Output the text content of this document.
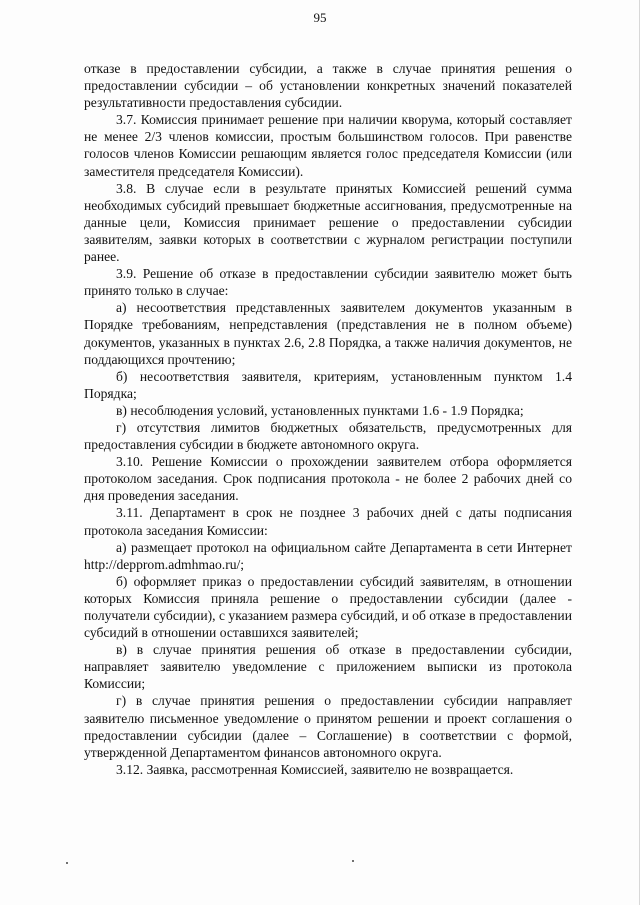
95

отказе в предоставлении субсидии, а также в случае принятия решения о предоставлении субсидии – об установлении конкретных значений показателей результативности предоставления субсидии.

3.7. Комиссия принимает решение при наличии кворума, который составляет не менее 2/3 членов комиссии, простым большинством голосов. При равенстве голосов членов Комиссии решающим является голос председателя Комиссии (или заместителя председателя Комиссии).

3.8. В случае если в результате принятых Комиссией решений сумма необходимых субсидий превышает бюджетные ассигнования, предусмотренные на данные цели, Комиссия принимает решение о предоставлении субсидии заявителям, заявки которых в соответствии с журналом регистрации поступили ранее.

3.9. Решение об отказе в предоставлении субсидии заявителю может быть принято только в случае:

а) несоответствия представленных заявителем документов указанным в Порядке требованиям, непредставления (представления не в полном объеме) документов, указанных в пунктах 2.6, 2.8 Порядка, а также наличия документов, не поддающихся прочтению;

б) несоответствия заявителя, критериям, установленным пунктом 1.4 Порядка;

в) несоблюдения условий, установленных пунктами 1.6 - 1.9 Порядка;

г) отсутствия лимитов бюджетных обязательств, предусмотренных для предоставления субсидии в бюджете автономного округа.

3.10. Решение Комиссии о прохождении заявителем отбора оформляется протоколом заседания. Срок подписания протокола - не более 2 рабочих дней со дня проведения заседания.

3.11. Департамент в срок не позднее 3 рабочих дней с даты подписания протокола заседания Комиссии:

а) размещает протокол на официальном сайте Департамента в сети Интернет http://depprom.admhmao.ru/;

б) оформляет приказ о предоставлении субсидий заявителям, в отношении которых Комиссия приняла решение о предоставлении субсидии (далее - получатели субсидии), с указанием размера субсидий, и об отказе в предоставлении субсидий в отношении оставшихся заявителей;

в) в случае принятия решения об отказе в предоставлении субсидии, направляет заявителю уведомление с приложением выписки из протокола Комиссии;

г) в случае принятия решения о предоставлении субсидии направляет заявителю письменное уведомление о принятом решении и проект соглашения о предоставлении субсидии (далее – Соглашение) в соответствии с формой, утвержденной Департаментом финансов автономного округа.

3.12. Заявка, рассмотренная Комиссией, заявителю не возвращается.
